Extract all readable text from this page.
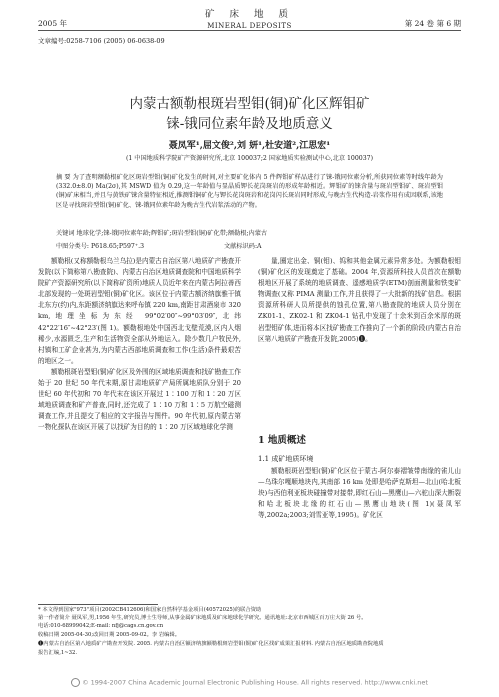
2005 年
矿 床 地 质
MINERAL DEPOSITS	第 24 卷 第 6 期
文章编号:0258-7106 (2005) 06-0638-09
内蒙古额勒根斑岩型钼(铜)矿化区辉钼矿
铼-锇同位素年龄及地质意义
聂凤军¹,屈文俊²,刘 妍¹,杜安道²,江思宏¹
(1 中国地质科学院矿产资源研究所,北京 100037;2 国家地质实验测试中心,北京 100037)
摘 要 为了查明额勒根矿化区斑岩型钼(铜)矿化发生的时间,对主要矿化体内 5 件辉钼矿样品进行了铼-锇同位素分析,所获同位素等时线年龄为(332.0±8.0) Ma(2σ),其 MSWD 值为 0.29,这一年龄值与显晶质钾长花岗斑岩的形成年龄相近。辉钼矿的铼含量与斑岩型钼矿、斑岩型钼(铜)矿床相当,并且与黄铁矿铼含量特征相近,推测钼铜矿化与钾长花岗斑岩和花岗闪长斑岩同时形成,与晚古生代构造-岩浆作用有成因联系,该地区是寻找斑岩型钼(铜)矿化、铼-锇同位素年龄为晚古生代岩浆活动的产物。
关键词 地球化学;铼-锇同位素年龄;辉钼矿;斑岩型钼(铜)矿化带;额勒根;内蒙古
中图分类号: P618.65;P597⁺.3	文献标识码:A

额勒根(又称额勒根乌兰乌拉)是内蒙古自治区第八地质矿产勘查开发院(以下简称第八勘查院)、内蒙古自治区地质调查院和中国地质科学院矿产资源研究所(以下简称矿资所)地质人员近年来在内蒙古阿拉善西北部发现的一处斑岩型钼(铜)矿化区。该区位于内蒙古额济纳旗雅干镇北东方(约)内,东距额济纳旗达来呼布镇 220 km,南距甘肃酒泉市 320 km,地理坐标为东经 99°02′00″~99°03′09″,北纬 42°22′16″~42°23′(图 1)。额勒根地处中国西北戈壁荒漠,区内人烟稀少,水源匮乏,生产和生活物资全部从外地运入。除少数几户牧民外,村镇和工矿企业甚为,为内蒙古西部地质调查和工作(生活)条件最艰苦的地区之一。

额勒根斑岩型钼(铜)矿化区及外围的区域地质调查和找矿勘查工作始于 20 世纪 50 年代末期,原甘肃地质矿产局所属地质队分别于 20 世纪 60 年代初和 70 年代末在该区开展过 1∶100 万和 1∶20 万区域地质调查和矿产普查,同时,还完成了 1∶10 万和 1∶5 万航空磁测调查工作,并且提交了相应的文字报告与图件。90 年代初,原内蒙古第一物化探队在该区开展了以找矿为目的的 1∶20 万区域地球化学测

量,圈定出金、铜(钼)、钨和其他金属元素异常多处。为额勒根钼(铜)矿化区的发现奠定了基础。2004 年,资源所科技人员首次在额勒根地区开展了系统的地质调查、遥感地质学(ETM)剖面测量和铁变矿物调查(又称 PIMA 测量)工作,并且获得了一大批新的找矿信息。根据资源所科研人员所提供的蚀孔位置,第八勘查院的地质人员分别在 ZK01-1、ZK02-1 和 ZK04-1 钻孔中发现了十余米到百余米厚的斑岩型钼矿体,进而将本区找矿勘查工作推向了一个新的阶段(内蒙古自治区第八地质矿产勘查开发院,2005)❶。

1 地质概述
1.1 成矿地质环境
额勒根斑岩型钼(铜)矿化区位于蒙古-阿尔泰褶皱带南缘的雀儿山—乌珠尔嘎顺地块内,其南部 16 km 处即是哈萨克斯坦—北山(哈北板块)与西伯利亚板块碰撞带对接带,即红石山—黑鹰山—六驼山深大断裂和哈北板块北缘的红石山—黑鹰山地块(图 1)(聂凤军等,2002a;2003;刘雪亚等,1995)。矿化区
* 本文得到国家"973"项目(2002CB412606)和国家自然科学基金项目(40572025)的联合资助
第一作者简介 聂凤军,男,1956 年生,研究员,博士生导师,从事金属矿床地质及矿床地球化学研究。通讯地址:北京市西城区百万庄大街 26 号。
电话:010-68999042;E-mail: nfj@cags.cn.gov.cn
收稿日期 2005-04-30;改回日期 2005-09-02。李 岩编辑。
❶内蒙古自治区第八地质矿产勘查开发院. 2005. 内蒙古自治区额济纳旗额勒根斑岩型钼(铜)矿化区找矿成果汇报材料. 内蒙古自治区地质勘查院地质
报告汇编,1~32.
© 1994-2007 China Academic Journal Electronic Publishing House. All rights reserved. http://www.cnki.net
